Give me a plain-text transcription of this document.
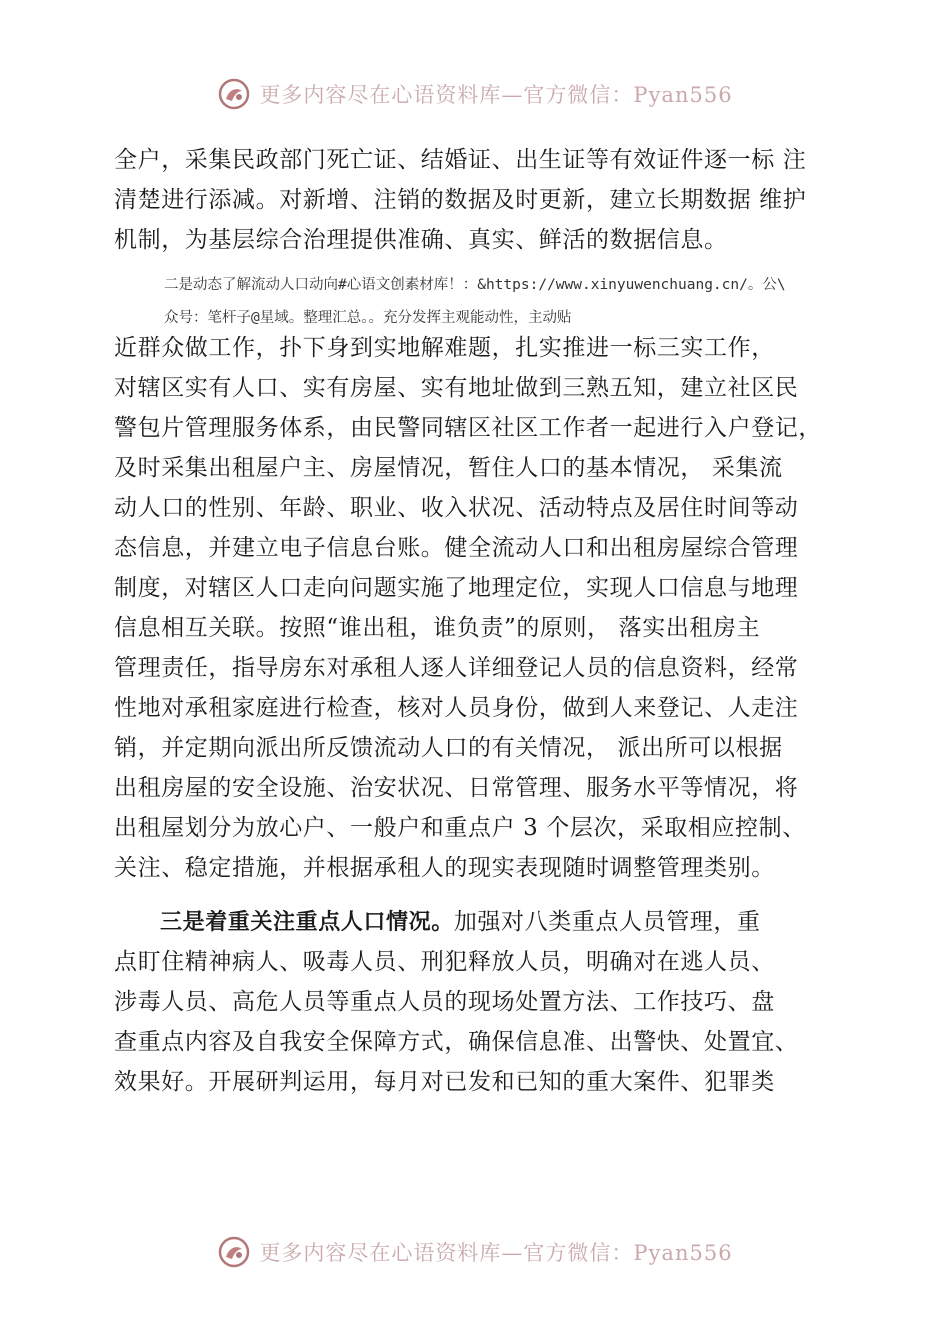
更多内容尽在心语资料库—官方微信：Pyan556
全户，采集民政部门死亡证、结婚证、出生证等有效证件逐一标 注
清楚进行添减。对新增、注销的数据及时更新，建立长期数据 维护
机制，为基层综合治理提供准确、真实、鲜活的数据信息。
二是动态了解流动人口动向#心语文创素材库！：&https://www.xinyuwenchuang.cn/。公\
众号：笔杆子@星域。整理汇总。。充分发挥主观能动性，主动贴
近群众做工作，扑下身到实地解难题，扎实推进一标三实工作，
对辖区实有人口、实有房屋、实有地址做到三熟五知，建立社区民
警包片管理服务体系，由民警同辖区社区工作者一起进行入户登记，
及时采集出租屋户主、房屋情况，暂住人口的基本情况， 采集流
动人口的性别、年龄、职业、收入状况、活动特点及居住时间等动
态信息，并建立电子信息台账。健全流动人口和出租房屋综合管理
制度，对辖区人口走向问题实施了地理定位，实现人口信息与地理
信息相互关联。按照“谁出租，谁负责”的原则， 落实出租房主
管理责任，指导房东对承租人逐人详细登记人员的信息资料，经常
性地对承租家庭进行检查，核对人员身份，做到人来登记、人走注
销，并定期向派出所反馈流动人口的有关情况， 派出所可以根据
出租房屋的安全设施、治安状况、日常管理、服务水平等情况，将
出租屋划分为放心户、一般户和重点户 3 个层次，采取相应控制、
关注、稳定措施，并根据承租人的现实表现随时调整管理类别。
三是着重关注重点人口情况。加强对八类重点人员管理，重
点盯住精神病人、吸毒人员、刑犯释放人员，明确对在逃人员、
涉毒人员、高危人员等重点人员的现场处置方法、工作技巧、盘
查重点内容及自我安全保障方式，确保信息准、出警快、处置宜、
效果好。开展研判运用，每月对已发和已知的重大案件、犯罪类
更多内容尽在心语资料库—官方微信：Pyan556
